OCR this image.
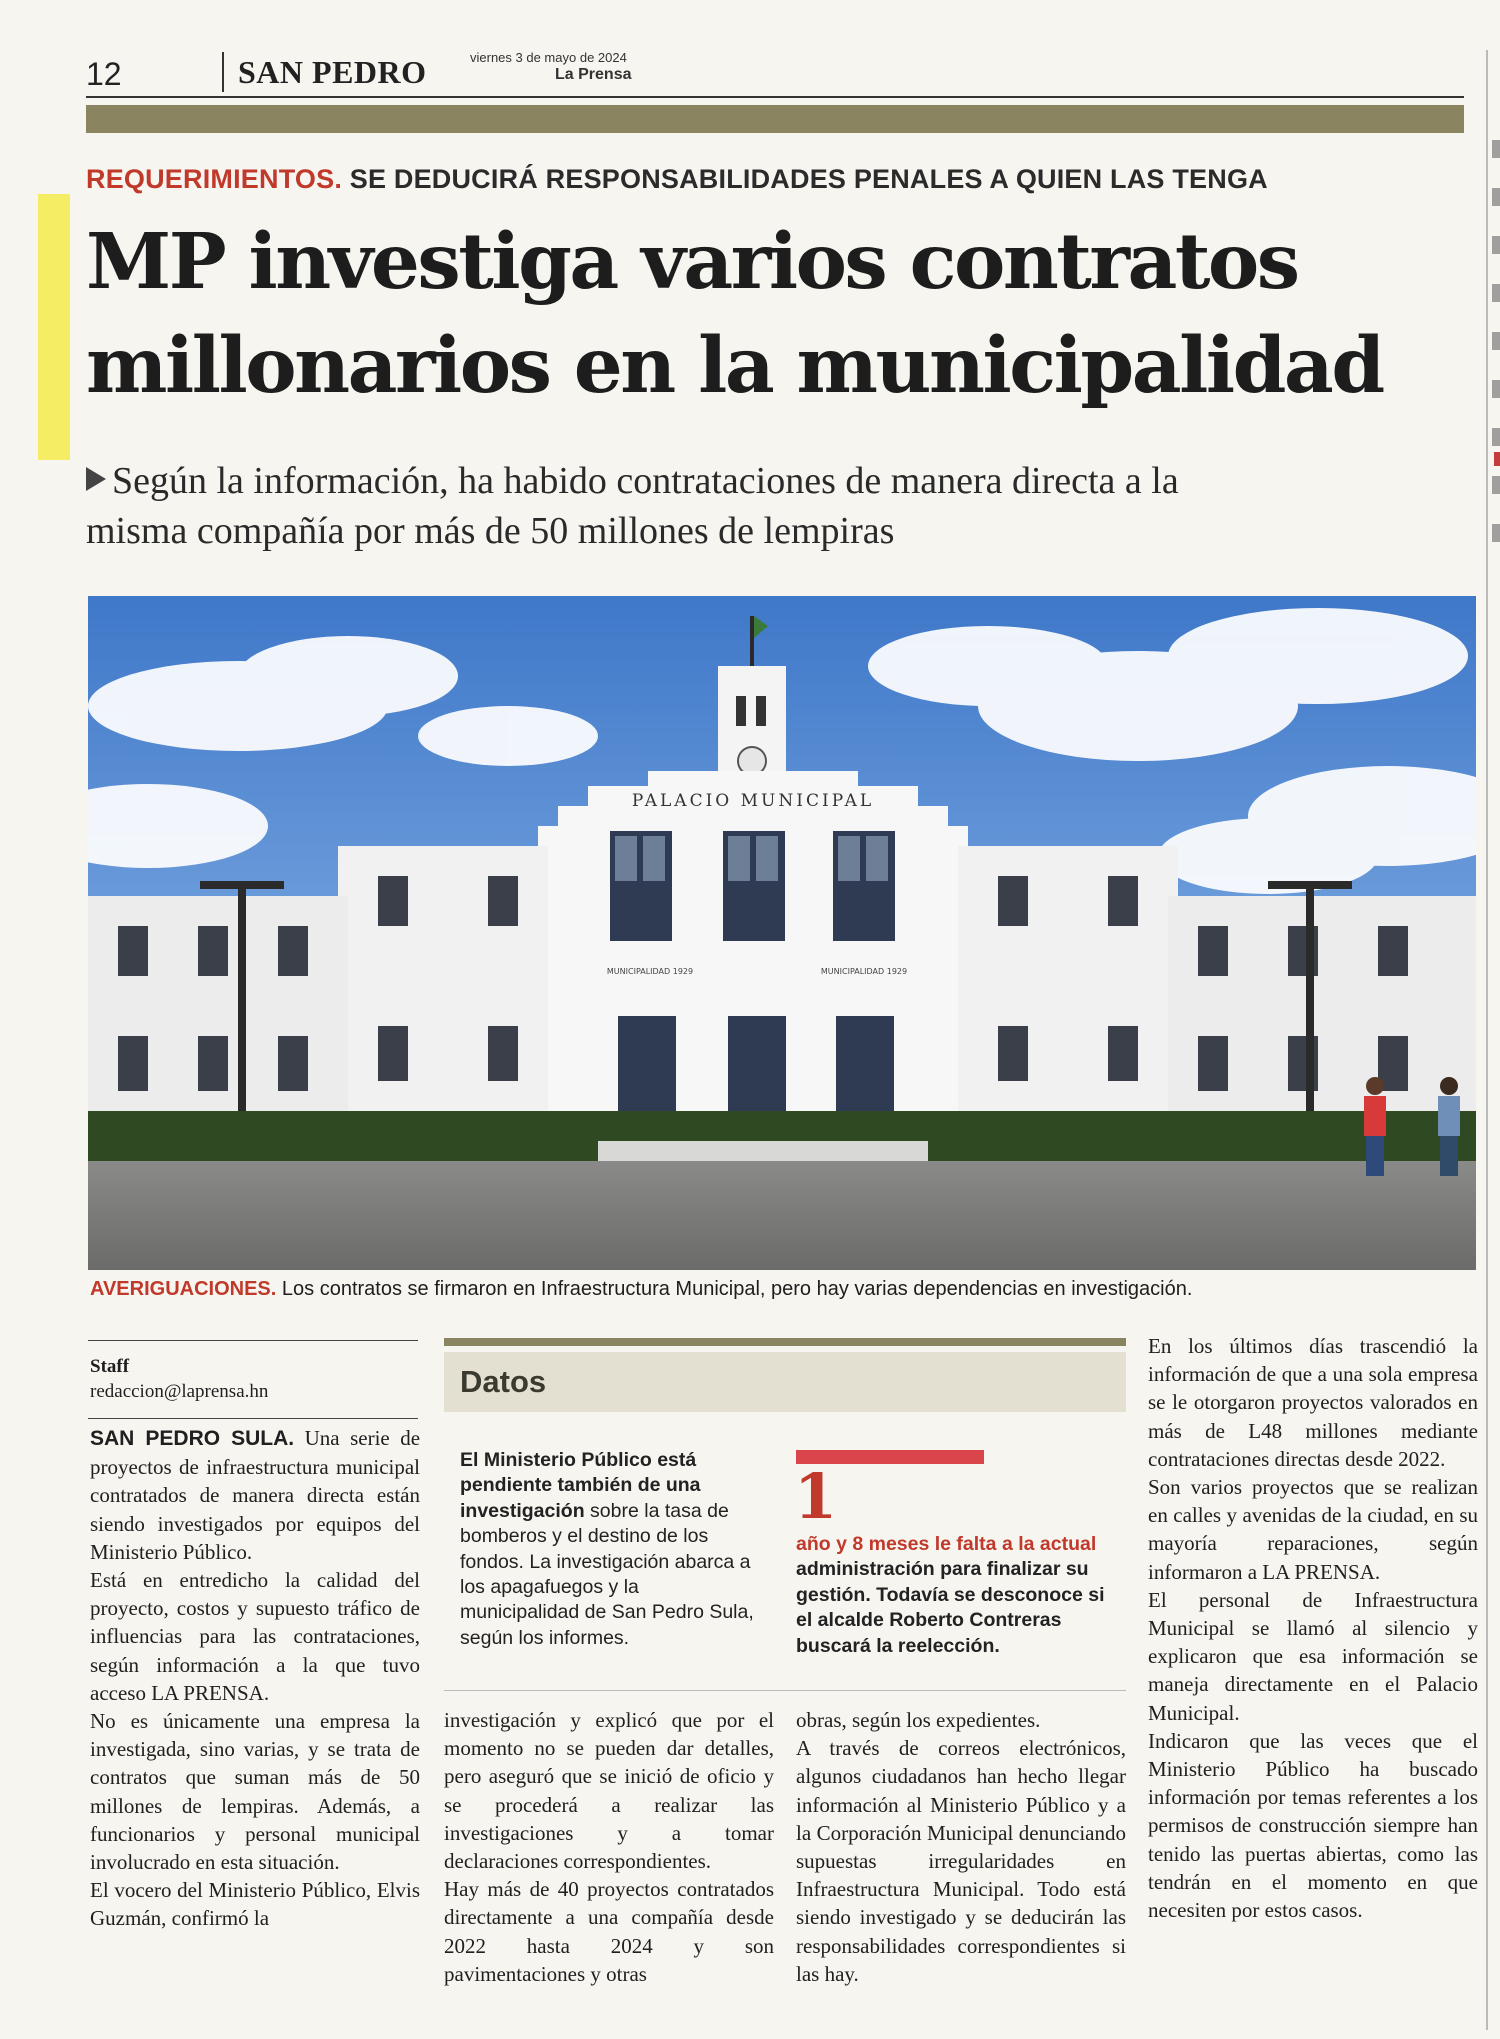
12	SAN PEDRO	viernes 3 de mayo de 2024
La Prensa
REQUERIMIENTOS. SE DEDUCIRÁ RESPONSABILIDADES PENALES A QUIEN LAS TENGA
MP investiga varios contratos
millonarios en la municipalidad
Según la información, ha habido contrataciones de manera directa a la
misma compañía por más de 50 millones de lempiras
PALACIO MUNICIPAL
MUNICIPALIDAD 1929	MUNICIPALIDAD 1929
AVERIGUACIONES. Los contratos se firmaron en Infraestructura Municipal, pero hay varias dependencias en investigación.
Staff
redaccion@laprensa.hn

SAN PEDRO SULA. Una serie de proyectos de infraestructura municipal contratados de manera directa están siendo investigados por equipos del Ministerio Público.

Está en entredicho la calidad del proyecto, costos y supuesto tráfico de influencias para las contrataciones, según información a la que tuvo acceso LA PRENSA.

No es únicamente una empresa la investigada, sino varias, y se trata de contratos que suman más de 50 millones de lempiras. Además, a funcionarios y personal municipal involucrado en esta situación.

El vocero del Ministerio Público, Elvis Guzmán, confirmó la

Datos
El Ministerio Público está pendiente también de una investigación sobre la tasa de bomberos y el destino de los fondos. La investigación abarca a los apagafuegos y la municipalidad de San Pedro Sula, según los informes.
1
año y 8 meses le falta a la actual administración para finalizar su gestión. Todavía se desconoce si el alcalde Roberto Contreras buscará la reelección.

investigación y explicó que por el momento no se pueden dar detalles, pero aseguró que se inició de oficio y se procederá a realizar las investigaciones y a tomar declaraciones correspondientes.

Hay más de 40 proyectos contratados directamente a una compañía desde 2022 hasta 2024 y son pavimentaciones y otras

obras, según los expedientes.

A través de correos electrónicos, algunos ciudadanos han hecho llegar información al Ministerio Público y a la Corporación Municipal denunciando supuestas irregularidades en Infraestructura Municipal. Todo está siendo investigado y se deducirán las responsabilidades correspondientes si las hay.

En los últimos días trascendió la información de que a una sola empresa se le otorgaron proyectos valorados en más de L48 millones mediante contrataciones directas desde 2022.

Son varios proyectos que se realizan en calles y avenidas de la ciudad, en su mayoría reparaciones, según informaron a LA PRENSA.

El personal de Infraestructura Municipal se llamó al silencio y explicaron que esa información se maneja directamente en el Palacio Municipal.

Indicaron que las veces que el Ministerio Público ha buscado información por temas referentes a los permisos de construcción siempre han tenido las puertas abiertas, como las tendrán en el momento en que necesiten por estos casos.
